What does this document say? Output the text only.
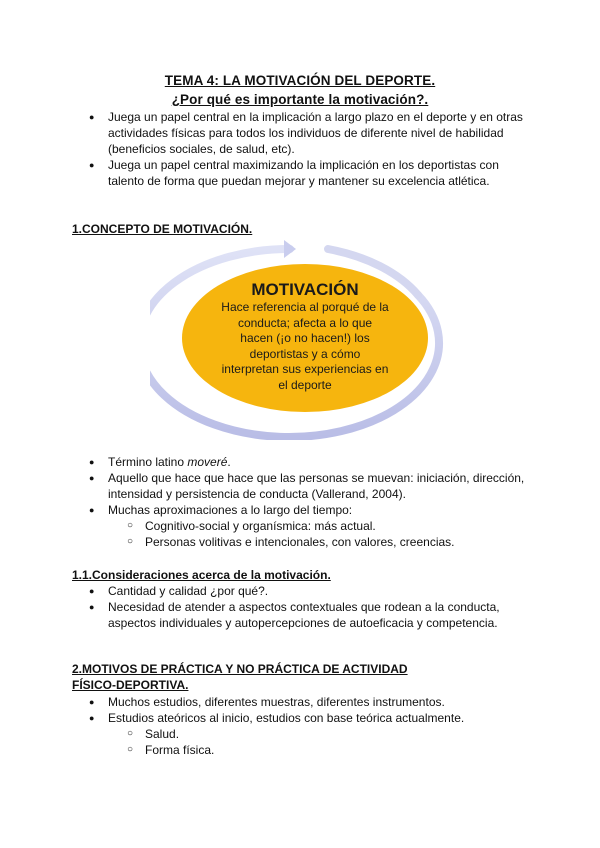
TEMA 4: LA MOTIVACIÓN DEL DEPORTE.
¿Por qué es importante la motivación?.
● Juega un papel central en la implicación a largo plazo en el deporte y en otras actividades físicas para todos los individuos de diferente nivel de habilidad (beneficios sociales, de salud, etc).
● Juega un papel central maximizando la implicación en los deportistas con talento de forma que puedan mejorar y mantener su excelencia atlética.
1.CONCEPTO DE MOTIVACIÓN.
MOTIVACIÓN
Hace referencia al porqué de la conducta; afecta a lo que hacen (¡o no hacen!) los deportistas y a cómo interpretan sus experiencias en el deporte
● Término latino moveré.
● Aquello que hace que hace que las personas se muevan: iniciación, dirección, intensidad y persistencia de conducta (Vallerand, 2004).
● Muchas aproximaciones a lo largo del tiempo:
○ Cognitivo-social y organísmica: más actual.
○ Personas volitivas e intencionales, con valores, creencias.
1.1.Consideraciones acerca de la motivación.
● Cantidad y calidad ¿por qué?.
● Necesidad de atender a aspectos contextuales que rodean a la conducta, aspectos individuales y autopercepciones de autoeficacia y competencia.
2.MOTIVOS DE PRÁCTICA Y NO PRÁCTICA DE ACTIVIDAD
FÍSICO-DEPORTIVA.
● Muchos estudios, diferentes muestras, diferentes instrumentos.
● Estudios ateóricos al inicio, estudios con base teórica actualmente.
○ Salud.
○ Forma física.
